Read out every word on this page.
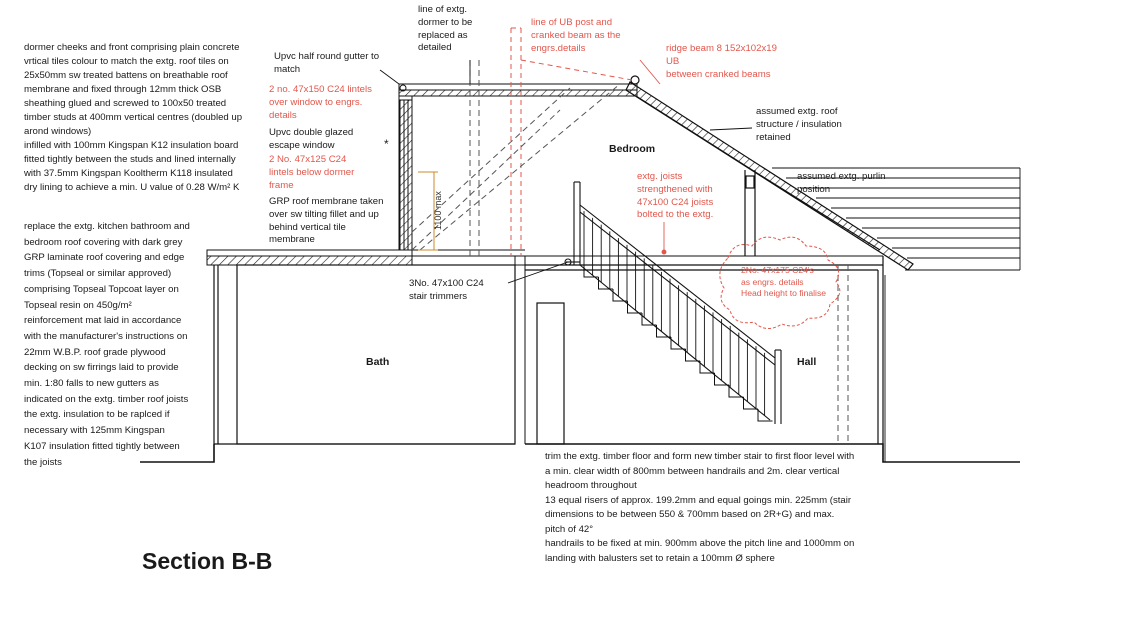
dormer cheeks and front comprising plain concrete
vrtical tiles colour to match the extg. roof tiles on
25x50mm sw treated battens on breathable roof
membrane and fixed through 12mm thick OSB
sheathing glued and screwed to 100x50 treated
timber studs at 400mm vertical centres (doubled up
arond windows)
infilled with 100mm Kingspan K12 insulation board
fitted tightly between the studs and lined internally
with 37.5mm Kingspan Kooltherm K118 insulated
dry lining to achieve a min. U value of 0.28 W/m² K

replace the extg. kitchen bathroom and
bedroom roof covering with dark grey
GRP laminate roof covering and edge
trims (Topseal or similar approved)
comprising Topseal Topcoat layer on
Topseal resin on 450g/m²
reinforcement mat laid in accordance
with the manufacturer's instructions on
22mm W.B.P. roof grade plywood
decking on sw firrings laid to provide
min. 1:80 falls to new gutters as
indicated on the extg. timber roof joists
the extg. insulation to be raplced if
necessary with 125mm Kingspan
K107 insulation fitted tightly between
the joists

Upvc half round gutter to
match

2 no. 47x150 C24 lintels
over window to engrs.
details

Upvc double glazed
escape window	*

2 No. 47x125 C24
lintels below dormer
frame

GRP roof membrane taken
over sw tilting fillet and up
behind vertical tile
membrane

line of extg.
dormer to be
replaced as
detailed

line of UB post and
cranked beam as the
engrs.details	ridge beam 8 152x102x19
UB
between cranked beams

assumed extg. roof
structure / insulation
retained

assumed extg. purlin
position

extg. joists
strengthened with
47x100 C24 joists
bolted to the extg.

2No. 47x175 C24's
as engrs. details
Head height to finalise

3No. 47x100 C24
stair trimmers

trim the extg. timber floor and form new timber stair to first floor level with
a min. clear width of 800mm between handrails and 2m. clear vertical
headroom throughout
13 equal risers of approx. 199.2mm and equal goings min. 225mm (stair
dimensions to be between 550 & 700mm based on 2R+G) and max.
pitch of 42°
handrails to be fixed at min. 900mm above the pitch line and 1000mm on
landing with balusters set to retain a 100mm Ø sphere

1100 max
Bedroom
Bath	Hall
Section B-B
